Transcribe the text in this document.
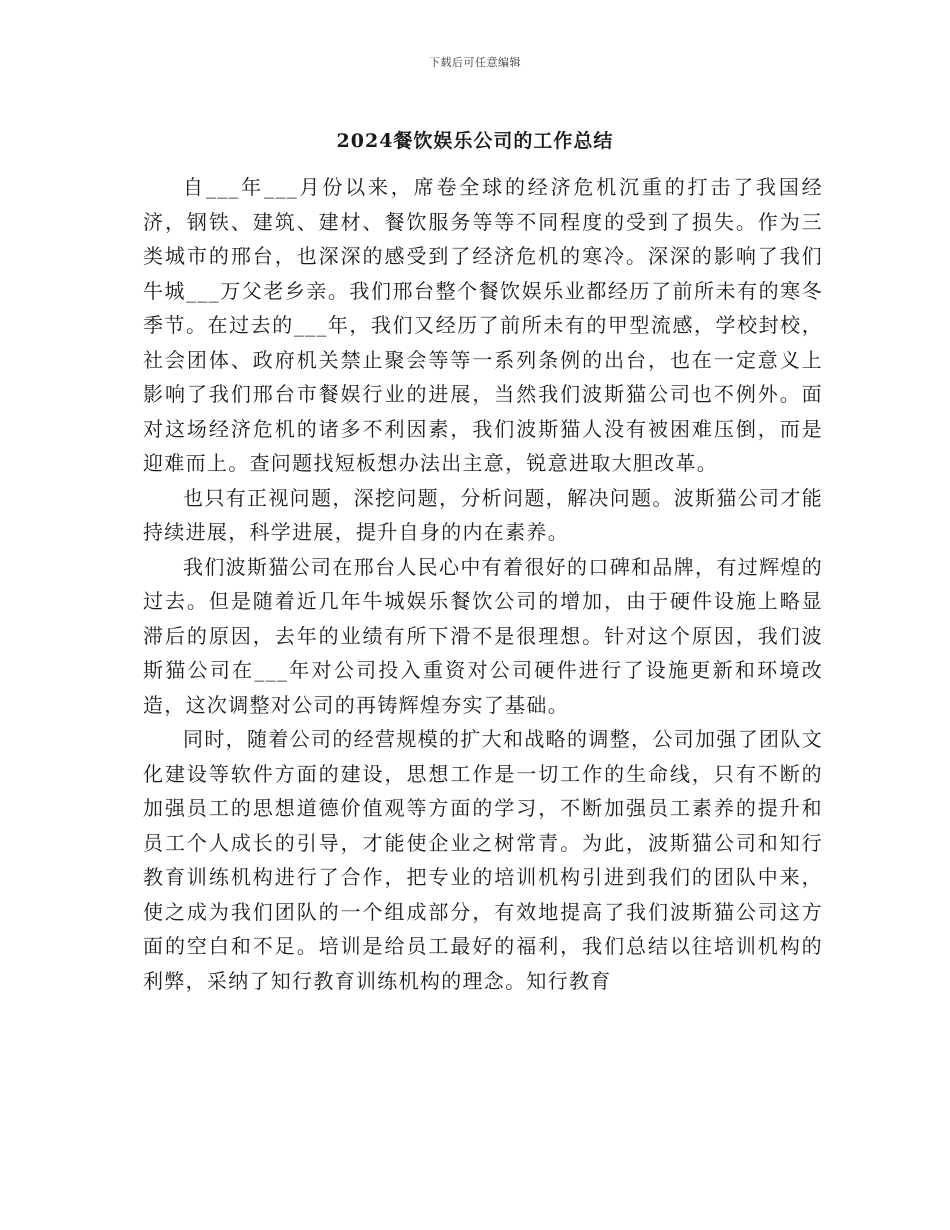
下载后可任意编辑
2024餐饮娱乐公司的工作总结

自___年___月份以来，席卷全球的经济危机沉重的打击了我国经济，钢铁、建筑、建材、餐饮服务等等不同程度的受到了损失。作为三类城市的邢台，也深深的感受到了经济危机的寒冷。深深的影响了我们牛城___万父老乡亲。我们邢台整个餐饮娱乐业都经历了前所未有的寒冬季节。在过去的___年，我们又经历了前所未有的甲型流感，学校封校，社会团体、政府机关禁止聚会等等一系列条例的出台，也在一定意义上影响了我们邢台市餐娱行业的进展，当然我们波斯猫公司也不例外。面对这场经济危机的诸多不利因素，我们波斯猫人没有被困难压倒，而是迎难而上。查问题找短板想办法出主意，锐意进取大胆改革。

也只有正视问题，深挖问题，分析问题，解决问题。波斯猫公司才能持续进展，科学进展，提升自身的内在素养。

我们波斯猫公司在邢台人民心中有着很好的口碑和品牌，有过辉煌的过去。但是随着近几年牛城娱乐餐饮公司的增加，由于硬件设施上略显滞后的原因，去年的业绩有所下滑不是很理想。针对这个原因，我们波斯猫公司在___年对公司投入重资对公司硬件进行了设施更新和环境改造，这次调整对公司的再铸辉煌夯实了基础。

同时，随着公司的经营规模的扩大和战略的调整，公司加强了团队文化建设等软件方面的建设，思想工作是一切工作的生命线，只有不断的加强员工的思想道德价值观等方面的学习，不断加强员工素养的提升和员工个人成长的引导，才能使企业之树常青。为此，波斯猫公司和知行教育训练机构进行了合作，把专业的培训机构引进到我们的团队中来，使之成为我们团队的一个组成部分，有效地提高了我们波斯猫公司这方面的空白和不足。培训是给员工最好的福利，我们总结以往培训机构的利弊，采纳了知行教育训练机构的理念。知行教育
